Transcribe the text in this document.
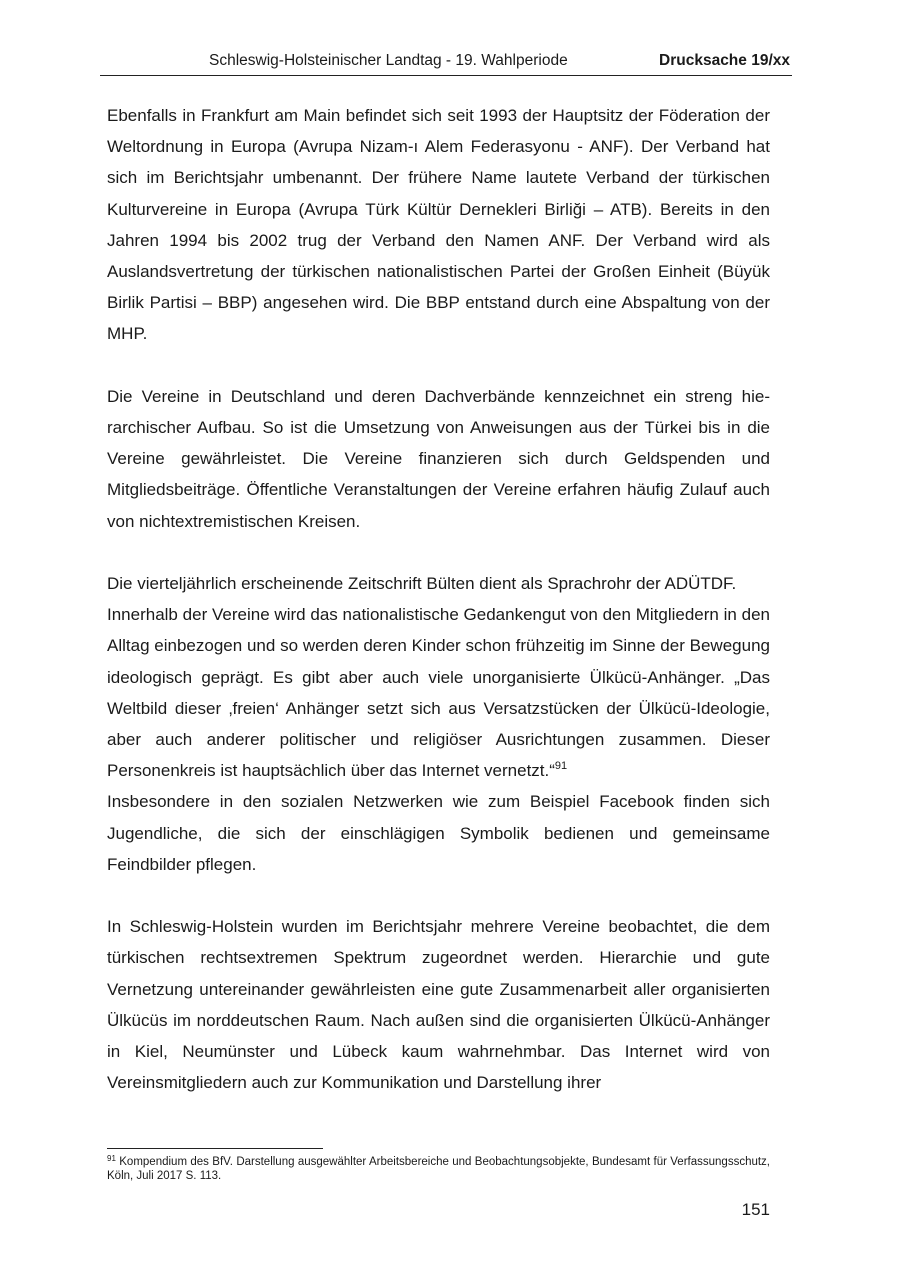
Schleswig-Holsteinischer Landtag - 19. Wahlperiode	Drucksache 19/xx

Ebenfalls in Frankfurt am Main befindet sich seit 1993 der Hauptsitz der Föderation der Weltordnung in Europa (Avrupa Nizam-ı Alem Federasyonu - ANF). Der Verband hat sich im Berichtsjahr umbenannt. Der frühere Name lautete Verband der türkischen Kulturvereine in Europa (Avrupa Türk Kültür Dernekleri Birliği – ATB). Bereits in den Jahren 1994 bis 2002 trug der Verband den Namen ANF. Der Verband wird als Auslandsvertretung der türkischen nationalistischen Partei der Großen Einheit (Büyük Birlik Partisi – BBP) angesehen wird. Die BBP entstand durch eine Abspaltung von der MHP.

Die Vereine in Deutschland und deren Dachverbände kennzeichnet ein streng hierarchischer Aufbau. So ist die Umsetzung von Anweisungen aus der Türkei bis in die Vereine gewährleistet. Die Vereine finanzieren sich durch Geldspenden und Mitgliedsbeiträge. Öffentliche Veranstaltungen der Vereine erfahren häufig Zulauf auch von nichtextremistischen Kreisen.

Die vierteljährlich erscheinende Zeitschrift Bülten dient als Sprachrohr der ADÜTDF.

Innerhalb der Vereine wird das nationalistische Gedankengut von den Mitgliedern in den Alltag einbezogen und so werden deren Kinder schon frühzeitig im Sinne der Bewegung ideologisch geprägt. Es gibt aber auch viele unorganisierte Ülkücü-Anhänger. „Das Weltbild dieser ‚freien‘ Anhänger setzt sich aus Versatzstücken der Ülkücü-Ideologie, aber auch anderer politischer und religiöser Ausrichtungen zusammen. Dieser Personenkreis ist hauptsächlich über das Internet vernetzt.“$^{91}$

Insbesondere in den sozialen Netzwerken wie zum Beispiel Facebook finden sich Jugendliche, die sich der einschlägigen Symbolik bedienen und gemeinsame Feindbilder pflegen.

In Schleswig-Holstein wurden im Berichtsjahr mehrere Vereine beobachtet, die dem türkischen rechtsextremen Spektrum zugeordnet werden. Hierarchie und gute Vernetzung untereinander gewährleisten eine gute Zusammenarbeit aller organisierten Ülkücüs im norddeutschen Raum. Nach außen sind die organisierten Ülkücü-Anhänger in Kiel, Neumünster und Lübeck kaum wahrnehmbar. Das Internet wird von Vereinsmitgliedern auch zur Kommunikation und Darstellung ihrer

$^{91}$ Kompendium des BfV. Darstellung ausgewählter Arbeitsbereiche und Beobachtungsobjekte, Bundesamt für Verfassungsschutz, Köln, Juli 2017 S. 113.
151
